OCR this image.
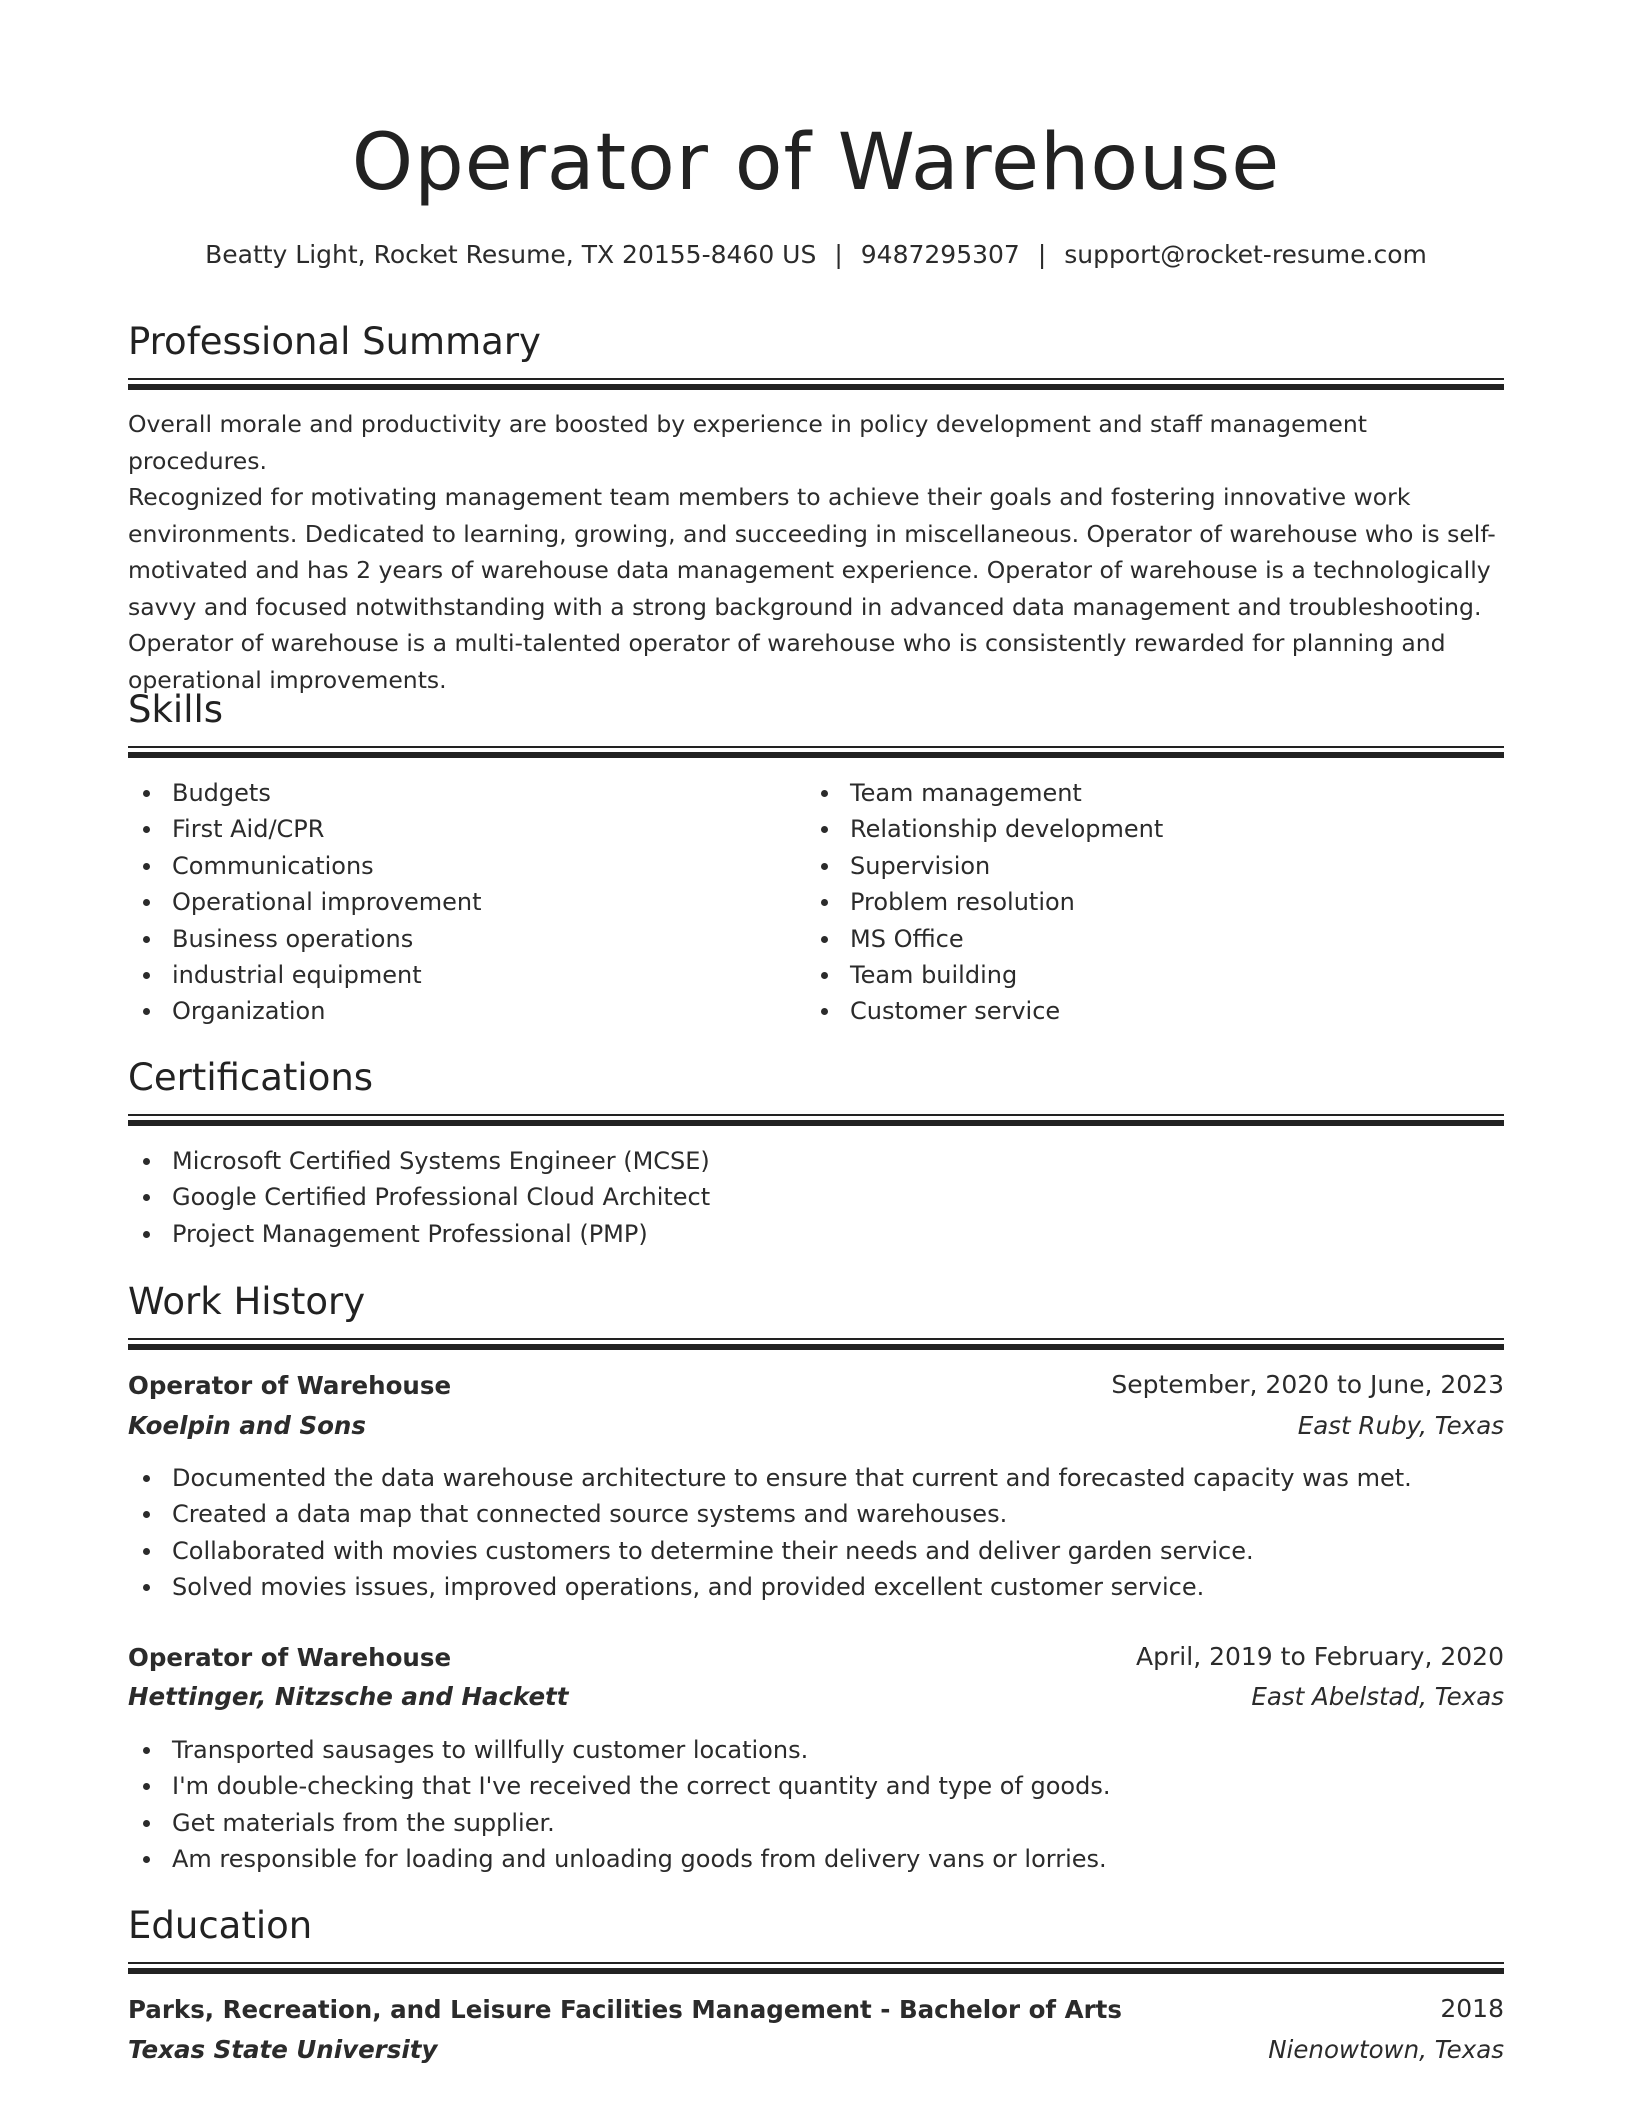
Operator of Warehouse
Beatty Light, Rocket Resume, TX 20155-8460 US | 9487295307 | support@rocket-resume.com
Professional Summary
Overall morale and productivity are boosted by experience in policy development and staff management procedures.
Recognized for motivating management team members to achieve their goals and fostering innovative work
environments. Dedicated to learning, growing, and succeeding in miscellaneous. Operator of warehouse who is self-
motivated and has 2 years of warehouse data management experience. Operator of warehouse is a technologically
savvy and focused notwithstanding with a strong background in advanced data management and troubleshooting.
Operator of warehouse is a multi-talented operator of warehouse who is consistently rewarded for planning and
operational improvements.
Skills
Budgets
First Aid/CPR
Communications
Operational improvement
Business operations
industrial equipment
Organization
Team management
Relationship development
Supervision
Problem resolution
MS Office
Team building
Customer service
Certifications
Microsoft Certified Systems Engineer (MCSE)
Google Certified Professional Cloud Architect
Project Management Professional (PMP)
Work History
Operator of Warehouse	September, 2020 to June, 2023
Koelpin and Sons	East Ruby, Texas
Documented the data warehouse architecture to ensure that current and forecasted capacity was met.
Created a data map that connected source systems and warehouses.
Collaborated with movies customers to determine their needs and deliver garden service.
Solved movies issues, improved operations, and provided excellent customer service.
Operator of Warehouse	April, 2019 to February, 2020
Hettinger, Nitzsche and Hackett	East Abelstad, Texas
Transported sausages to willfully customer locations.
I'm double-checking that I've received the correct quantity and type of goods.
Get materials from the supplier.
Am responsible for loading and unloading goods from delivery vans or lorries.
Education
Parks, Recreation, and Leisure Facilities Management - Bachelor of Arts	2018
Texas State University	Nienowtown, Texas
